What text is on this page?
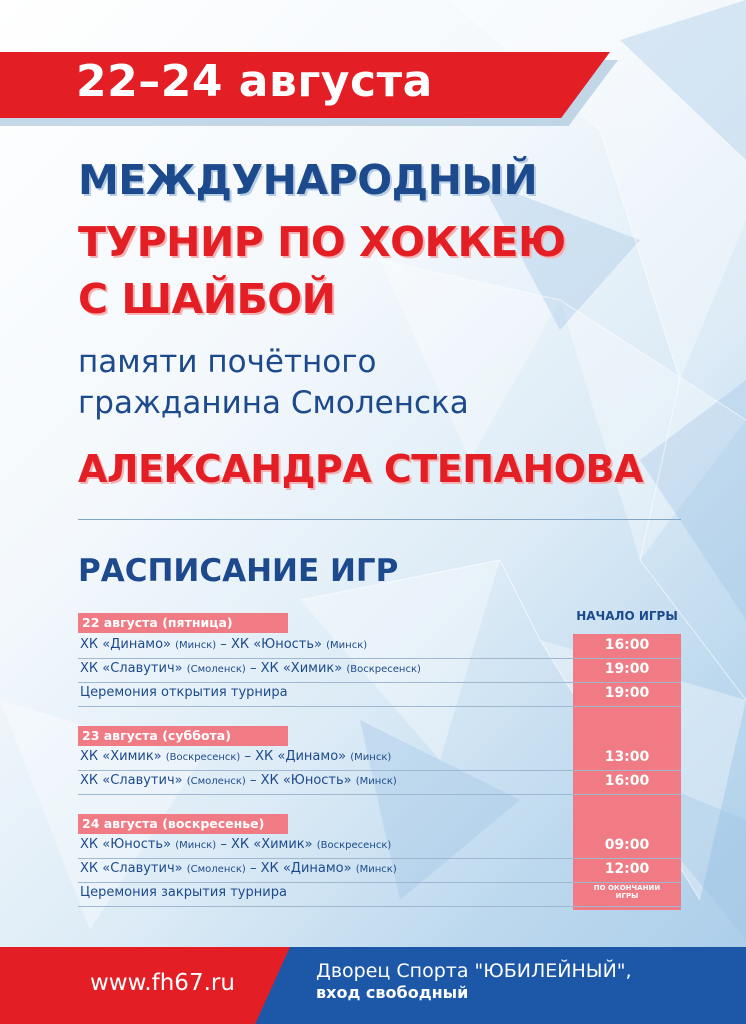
22–24 августа
МЕЖДУНАРОДНЫЙ
ТУРНИР ПО ХОККЕЮ
С ШАЙБОЙ
памяти почётного
гражданина Смоленска
АЛЕКСАНДРА СТЕПАНОВА
РАСПИСАНИЕ ИГР
НАЧАЛО ИГРЫ
22 августа (пятница)
ХК «Динамо» (Минск) – ХК «Юность» (Минск)	16:00
ХК «Славутич» (Смоленск) – ХК «Химик» (Воскресенск)	19:00
Церемония открытия турнира	19:00
23 августа (суббота)
ХК «Химик» (Воскресенск) – ХК «Динамо» (Минск)	13:00
ХК «Славутич» (Смоленск) – ХК «Юность» (Минск)	16:00
24 августа (воскресенье)
ХК «Юность» (Минск) – ХК «Химик» (Воскресенск)	09:00
ХК «Славутич» (Смоленск) – ХК «Динамо» (Минск)	12:00
Церемония закрытия турнира	ПО ОКОНЧАНИИ
ИГРЫ
www.fh67.ru	Дворец Спорта "ЮБИЛЕЙНЫЙ",
вход свободный
